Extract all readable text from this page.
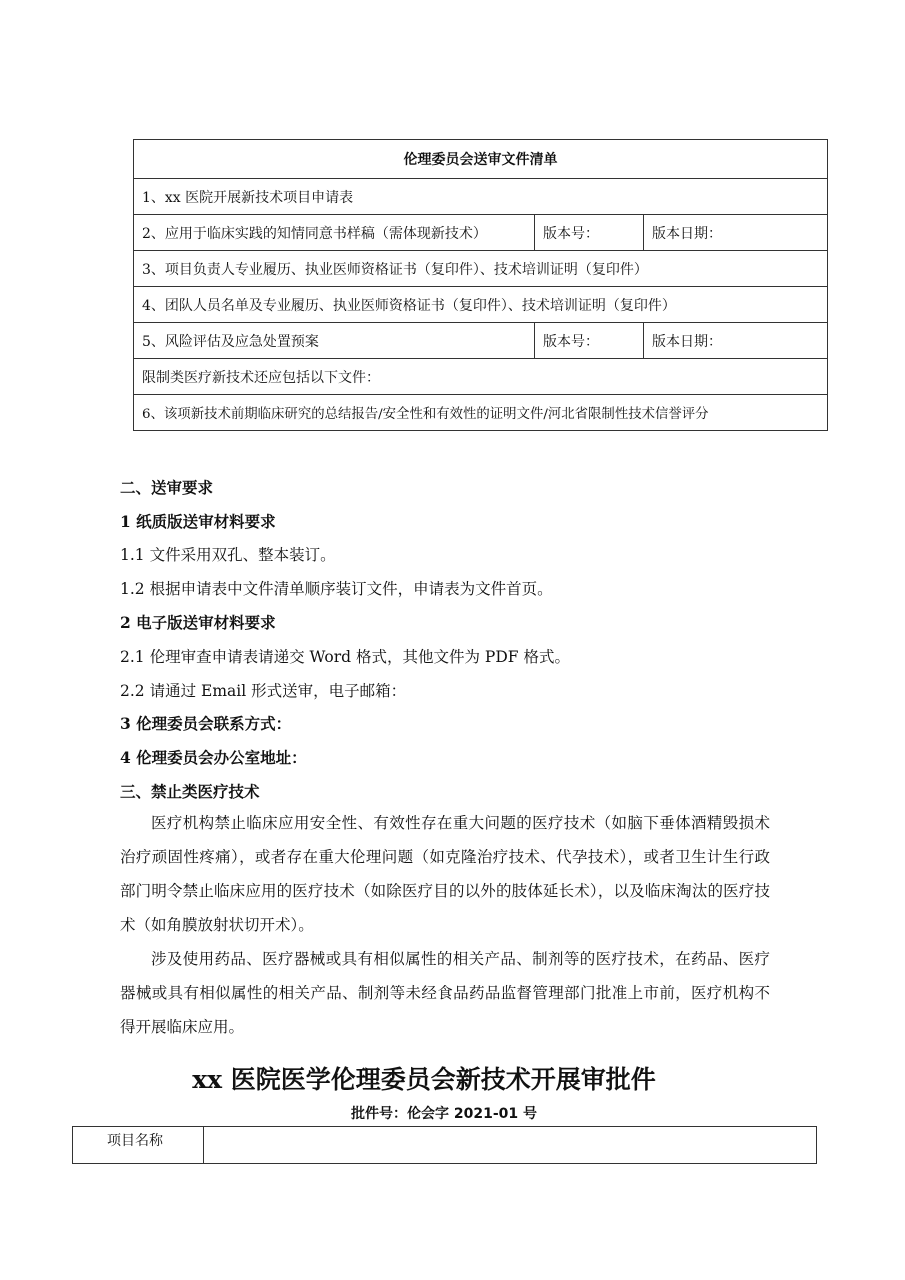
伦理委员会送审文件清单		
1、xx 医院开展新技术项目申请表		
2、应用于临床实践的知情同意书样稿（需体现新技术）	版本号：	版本日期：
3、项目负责人专业履历、执业医师资格证书（复印件）、技术培训证明（复印件）		
4、团队人员名单及专业履历、执业医师资格证书（复印件）、技术培训证明（复印件）		
5、风险评估及应急处置预案	版本号：	版本日期：
限制类医疗新技术还应包括以下文件：		
6、该项新技术前期临床研究的总结报告/安全性和有效性的证明文件/河北省限制性技术信誉评分		
二、送审要求
1 纸质版送审材料要求
1.1 文件采用双孔、整本装订。
1.2 根据申请表中文件清单顺序装订文件，申请表为文件首页。
2 电子版送审材料要求
2.1 伦理审查申请表请递交 Word 格式，其他文件为 PDF 格式。
2.2 请通过 Email 形式送审，电子邮箱：
3 伦理委员会联系方式：
4 伦理委员会办公室地址：
三、禁止类医疗技术
医疗机构禁止临床应用安全性、有效性存在重大问题的医疗技术（如脑下垂体酒精毁损术治疗顽固性疼痛），或者存在重大伦理问题（如克隆治疗技术、代孕技术），或者卫生计生行政部门明令禁止临床应用的医疗技术（如除医疗目的以外的肢体延长术），以及临床淘汰的医疗技术（如角膜放射状切开术）。
涉及使用药品、医疗器械或具有相似属性的相关产品、制剂等的医疗技术，在药品、医疗器械或具有相似属性的相关产品、制剂等未经食品药品监督管理部门批准上市前，医疗机构不得开展临床应用。
xx 医院医学伦理委员会新技术开展审批件
批件号：伦会字 2021-01 号
项目名称	
